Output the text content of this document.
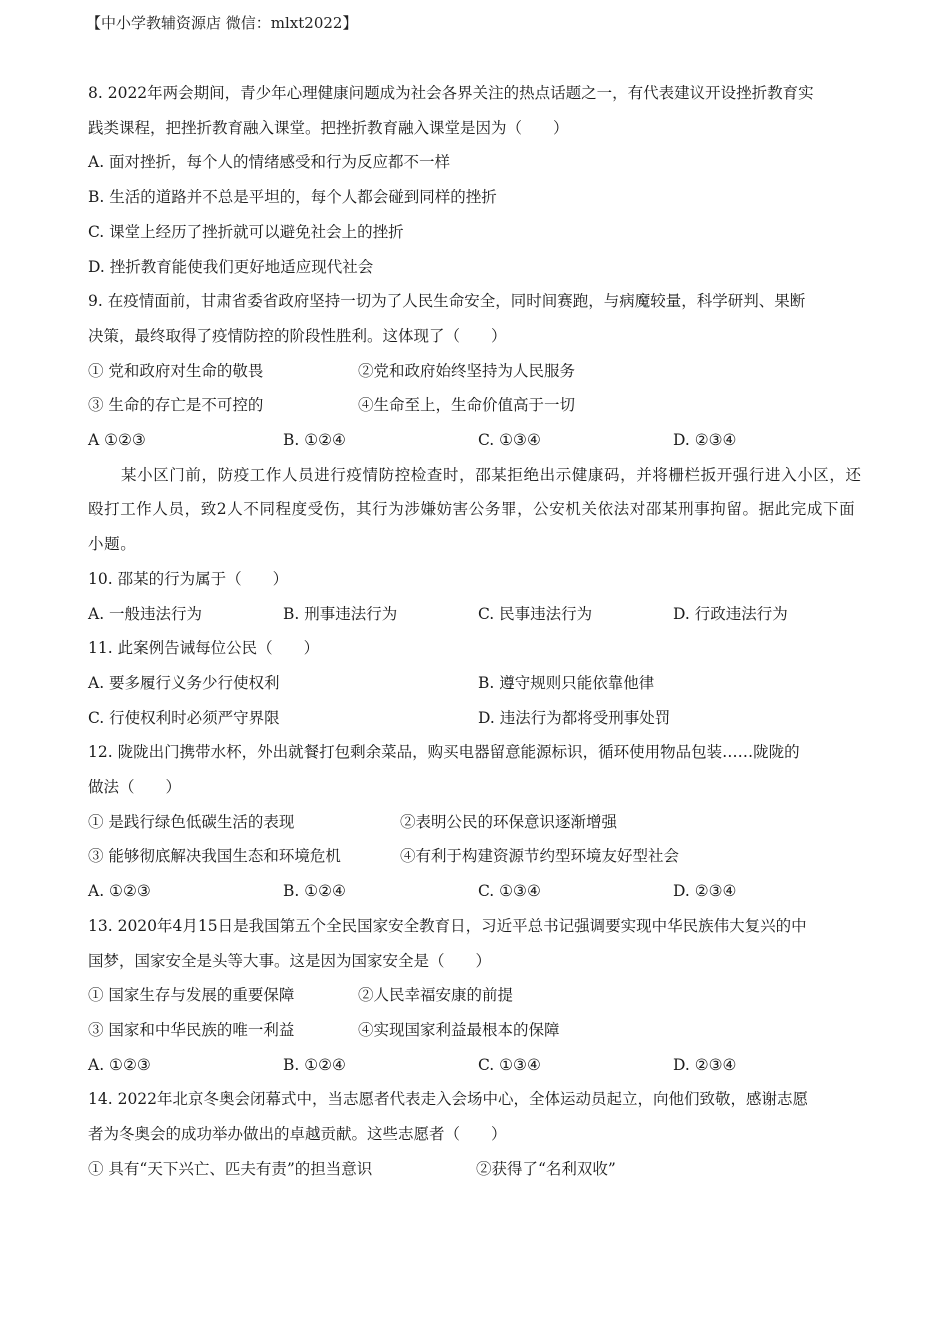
【中小学教辅资源店 微信：mlxt2022】
8. 2022年两会期间，青少年心理健康问题成为社会各界关注的热点话题之一，有代表建议开设挫折教育实
践类课程，把挫折教育融入课堂。把挫折教育融入课堂是因为（　　）
A. 面对挫折，每个人的情绪感受和行为反应都不一样
B. 生活的道路并不总是平坦的，每个人都会碰到同样的挫折
C. 课堂上经历了挫折就可以避免社会上的挫折
D. 挫折教育能使我们更好地适应现代社会
9. 在疫情面前，甘肃省委省政府坚持一切为了人民生命安全，同时间赛跑，与病魔较量，科学研判、果断
决策，最终取得了疫情防控的阶段性胜利。这体现了（　　）
① 党和政府对生命的敬畏	②党和政府始终坚持为人民服务
③ 生命的存亡是不可控的	④生命至上，生命价值高于一切
A ①②③	B. ①②④	C. ①③④	D. ②③④
某小区门前，防疫工作人员进行疫情防控检查时，邵某拒绝出示健康码，并将栅栏扳开强行进入小区，还殴打工作人员，致2人不同程度受伤，其行为涉嫌妨害公务罪，公安机关依法对邵某刑事拘留。据此完成下面小题。
10. 邵某的行为属于（　　）
A. 一般违法行为	B. 刑事违法行为	C. 民事违法行为	D. 行政违法行为
11. 此案例告诫每位公民（　　）
A. 要多履行义务少行使权利	B. 遵守规则只能依靠他律
C. 行使权利时必须严守界限	D. 违法行为都将受刑事处罚
12. 陇陇出门携带水杯，外出就餐打包剩余菜品，购买电器留意能源标识，循环使用物品包装……陇陇的
做法（　　）
① 是践行绿色低碳生活的表现	②表明公民的环保意识逐渐增强
③ 能够彻底解决我国生态和环境危机	④有利于构建资源节约型环境友好型社会
A. ①②③	B. ①②④	C. ①③④	D. ②③④
13. 2020年4月15日是我国第五个全民国家安全教育日，习近平总书记强调要实现中华民族伟大复兴的中
国梦，国家安全是头等大事。这是因为国家安全是（　　）
① 国家生存与发展的重要保障	②人民幸福安康的前提
③ 国家和中华民族的唯一利益	④实现国家利益最根本的保障
A. ①②③	B. ①②④	C. ①③④	D. ②③④
14. 2022年北京冬奥会闭幕式中，当志愿者代表走入会场中心，全体运动员起立，向他们致敬，感谢志愿
者为冬奥会的成功举办做出的卓越贡献。这些志愿者（　　）
① 具有“天下兴亡、匹夫有责”的担当意识	②获得了“名利双收”
